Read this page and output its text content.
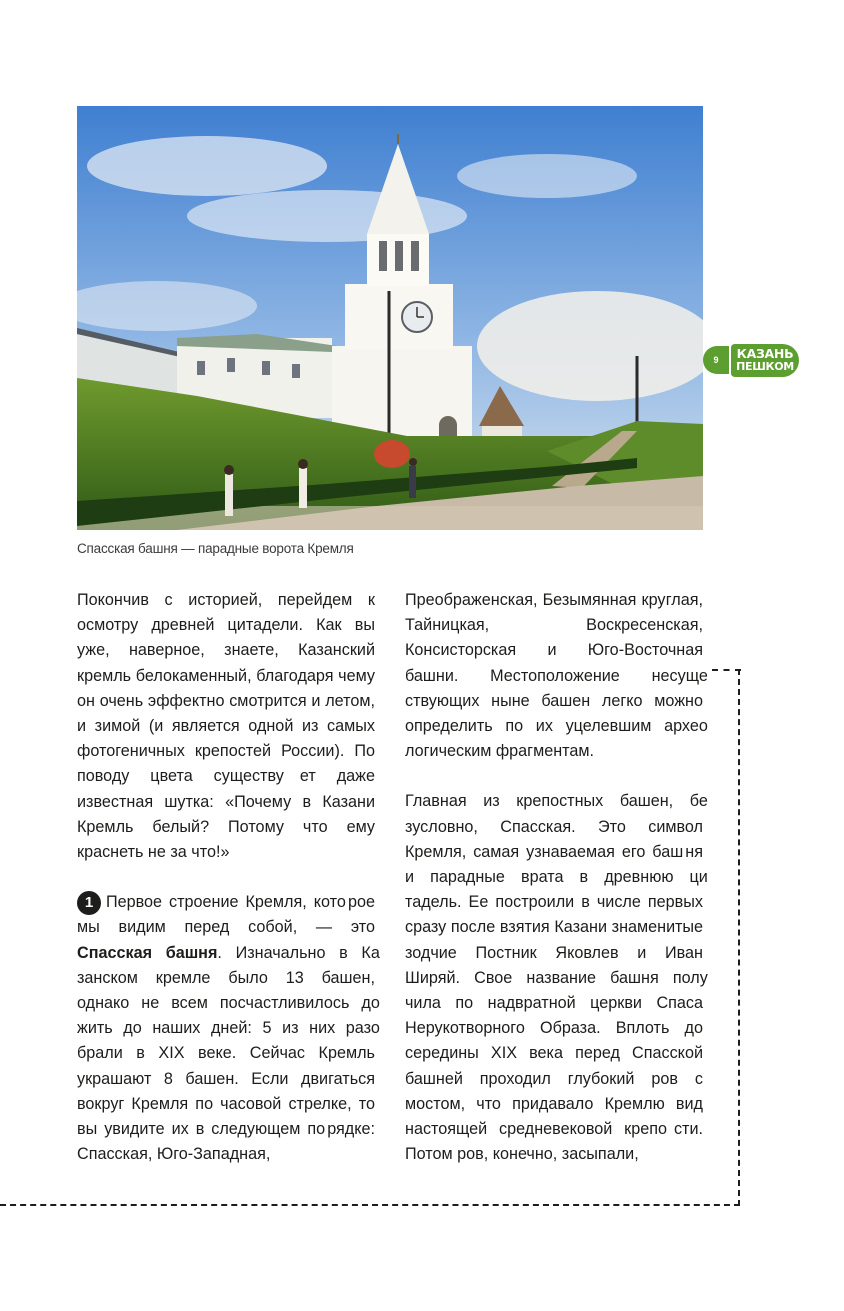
Спасская башня — парадные ворота Кремля
9	КАЗАНЬ
ПЕШКОМ

Покончив с историей, перейдем к осмотру древней цитадели. Как вы уже, наверное, знаете, Казанский кремль белокаменный, благодаря чему он очень эффектно смотрится и летом, и зимой (и является одной из самых фотогеничных крепостей России). По поводу цвета существу ет даже известная шутка: «Почему в Казани Кремль белый? Потому что ему краснеть не за что!»

1 Первое строение Кремля, кото рое мы видим перед собой, — это Спасская башня. Изначально в Ка занском кремле было 13 башен, однако не всем посчастливилось до жить до наших дней: 5 из них разо брали в XIX веке. Сейчас Кремль украшают 8 башен. Если двигаться вокруг Кремля по часовой стрелке, то вы увидите их в следующем по рядке: Спасская, Юго-Западная,

Преображенская, Безымянная кру глая, Тайницкая, Воскресенская, Консисторская и Юго-Восточная башни. Местоположение несуще ствующих ныне башен легко можно определить по их уцелевшим археo логическим фрагментам.

Главная из крепостных башен, бе зусловно, Спасская. Это символ Кремля, самая узнаваемая его баш ня и парадные врата в древнюю ци тадель. Ее построили в числе первых сразу после взятия Казани знамени тые зодчие Постник Яковлев и Иван Ширяй. Свое название башня полу чила по надвратной церкви Спаса Нерукотворного Образа. Вплоть до середины XIX века перед Спасской башней проходил глубокий ров с мостом, что придавало Кремлю вид настоящей средневековой крепо сти. Потом ров, конечно, засыпали,
